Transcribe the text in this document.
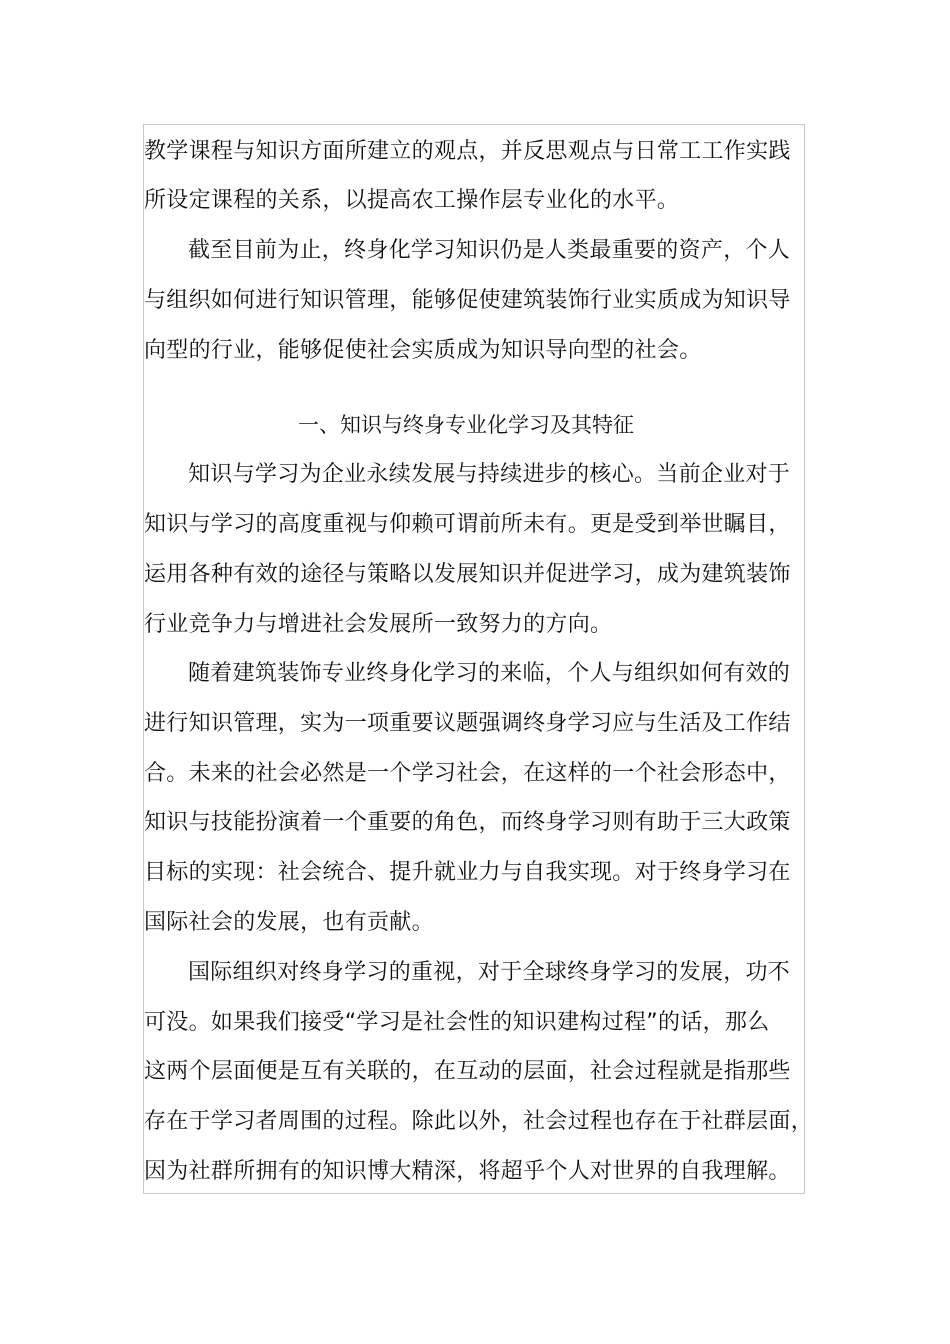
教学课程与知识方面所建立的观点，并反思观点与日常工工作实践
所设定课程的关系，以提高农工操作层专业化的水平。
截至目前为止，终身化学习知识仍是人类最重要的资产，个人
与组织如何进行知识管理，能够促使建筑装饰行业实质成为知识导
向型的行业，能够促使社会实质成为知识导向型的社会。
一、知识与终身专业化学习及其特征
知识与学习为企业永续发展与持续进步的核心。当前企业对于
知识与学习的高度重视与仰赖可谓前所未有。更是受到举世瞩目，
运用各种有效的途径与策略以发展知识并促进学习，成为建筑装饰
行业竞争力与增进社会发展所一致努力的方向。
随着建筑装饰专业终身化学习的来临，个人与组织如何有效的
进行知识管理，实为一项重要议题强调终身学习应与生活及工作结
合。未来的社会必然是一个学习社会，在这样的一个社会形态中，
知识与技能扮演着一个重要的角色，而终身学习则有助于三大政策
目标的实现：社会统合、提升就业力与自我实现。对于终身学习在
国际社会的发展，也有贡献。
国际组织对终身学习的重视，对于全球终身学习的发展，功不
可没。如果我们接受“学习是社会性的知识建构过程”的话，那么
这两个层面便是互有关联的，在互动的层面，社会过程就是指那些
存在于学习者周围的过程。除此以外，社会过程也存在于社群层面，
因为社群所拥有的知识博大精深，将超乎个人对世界的自我理解。
